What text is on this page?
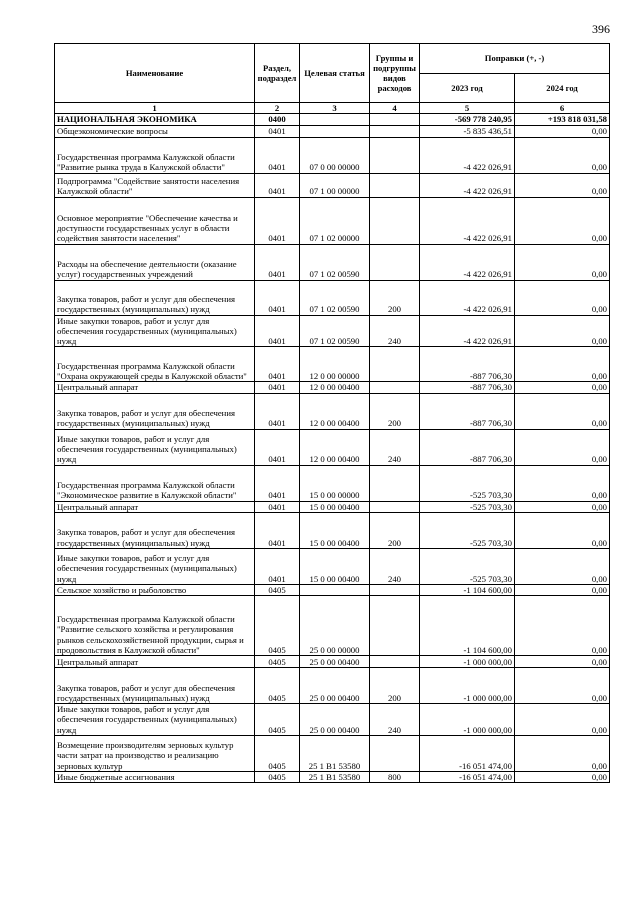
396
Наименование	Раздел, подраздел	Целевая статья	Группы и подгруппы видов расходов	Поправки (+, -)	
				2023 год	2024 год
1	2	3	4	5	6
НАЦИОНАЛЬНАЯ ЭКОНОМИКА	0400			-569 778 240,95	+193 818 031,58
Общеэкономические вопросы	0401			-5 835 436,51	0,00
Государственная программа Калужской области "Развитие рынка труда в Калужской области"	0401	07 0 00 00000		-4 422 026,91	0,00
Подпрограмма "Содействие занятости населения Калужской области"	0401	07 1 00 00000		-4 422 026,91	0,00
Основное мероприятие "Обеспечение качества и доступности государственных услуг в области содействия занятости населения"	0401	07 1 02 00000		-4 422 026,91	0,00
Расходы на обеспечение деятельности (оказание услуг) государственных учреждений	0401	07 1 02 00590		-4 422 026,91	0,00
Закупка товаров, работ и услуг для обеспечения государственных (муниципальных) нужд	0401	07 1 02 00590	200	-4 422 026,91	0,00
Иные закупки товаров, работ и услуг для обеспечения государственных (муниципальных) нужд	0401	07 1 02 00590	240	-4 422 026,91	0,00
Государственная программа Калужской области "Охрана окружающей среды в Калужской области"	0401	12 0 00 00000		-887 706,30	0,00
Центральный аппарат	0401	12 0 00 00400		-887 706,30	0,00
Закупка товаров, работ и услуг для обеспечения государственных (муниципальных) нужд	0401	12 0 00 00400	200	-887 706,30	0,00
Иные закупки товаров, работ и услуг для обеспечения государственных (муниципальных) нужд	0401	12 0 00 00400	240	-887 706,30	0,00
Государственная программа Калужской области "Экономическое развитие в Калужской области"	0401	15 0 00 00000		-525 703,30	0,00
Центральный аппарат	0401	15 0 00 00400		-525 703,30	0,00
Закупка товаров, работ и услуг для обеспечения государственных (муниципальных) нужд	0401	15 0 00 00400	200	-525 703,30	0,00
Иные закупки товаров, работ и услуг для обеспечения государственных (муниципальных) нужд	0401	15 0 00 00400	240	-525 703,30	0,00
Сельское хозяйство и рыболовство	0405			-1 104 600,00	0,00
Государственная программа Калужской области "Развитие сельского хозяйства и регулирования рынков сельскохозяйственной продукции, сырья и продовольствия в Калужской области"	0405	25 0 00 00000		-1 104 600,00	0,00
Центральный аппарат	0405	25 0 00 00400		-1 000 000,00	0,00
Закупка товаров, работ и услуг для обеспечения государственных (муниципальных) нужд	0405	25 0 00 00400	200	-1 000 000,00	0,00
Иные закупки товаров, работ и услуг для обеспечения государственных (муниципальных) нужд	0405	25 0 00 00400	240	-1 000 000,00	0,00
Возмещение производителям зерновых культур части затрат на производство и реализацию зерновых культур	0405	25 1 В1 53580		-16 051 474,00	0,00
Иные бюджетные ассигнования	0405	25 1 В1 53580	800	-16 051 474,00	0,00
